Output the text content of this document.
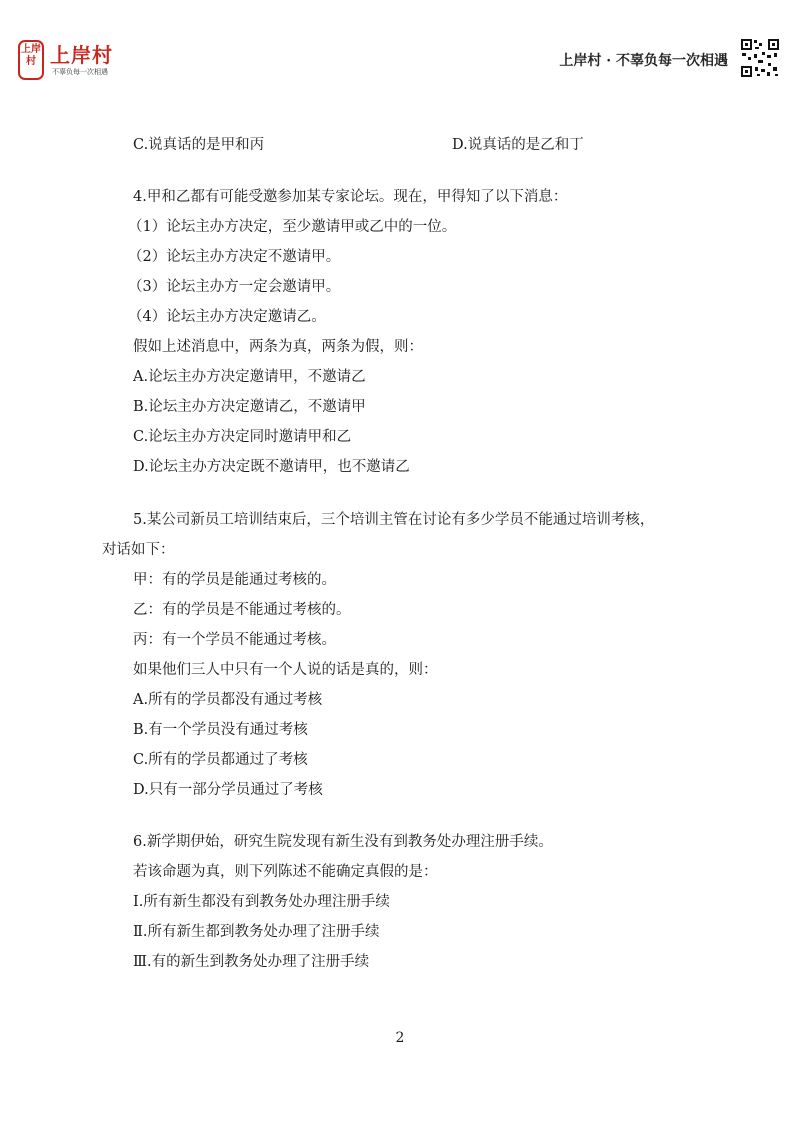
上岸村 上岸村
不辜负每一次相遇
上岸村 · 不辜负每一次相遇
C.说真话的是甲和丙	D.说真话的是乙和丁
4.甲和乙都有可能受邀参加某专家论坛。现在，甲得知了以下消息：
（1）论坛主办方决定，至少邀请甲或乙中的一位。
（2）论坛主办方决定不邀请甲。
（3）论坛主办方一定会邀请甲。
（4）论坛主办方决定邀请乙。
假如上述消息中，两条为真，两条为假，则：
A.论坛主办方决定邀请甲，不邀请乙
B.论坛主办方决定邀请乙，不邀请甲
C.论坛主办方决定同时邀请甲和乙
D.论坛主办方决定既不邀请甲，也不邀请乙
5.某公司新员工培训结束后，三个培训主管在讨论有多少学员不能通过培训考核，
对话如下：
甲：有的学员是能通过考核的。
乙：有的学员是不能通过考核的。
丙：有一个学员不能通过考核。
如果他们三人中只有一个人说的话是真的，则：
A.所有的学员都没有通过考核
B.有一个学员没有通过考核
C.所有的学员都通过了考核
D.只有一部分学员通过了考核
6.新学期伊始，研究生院发现有新生没有到教务处办理注册手续。
若该命题为真，则下列陈述不能确定真假的是：
Ⅰ.所有新生都没有到教务处办理注册手续
Ⅱ.所有新生都到教务处办理了注册手续
Ⅲ.有的新生到教务处办理了注册手续
2
